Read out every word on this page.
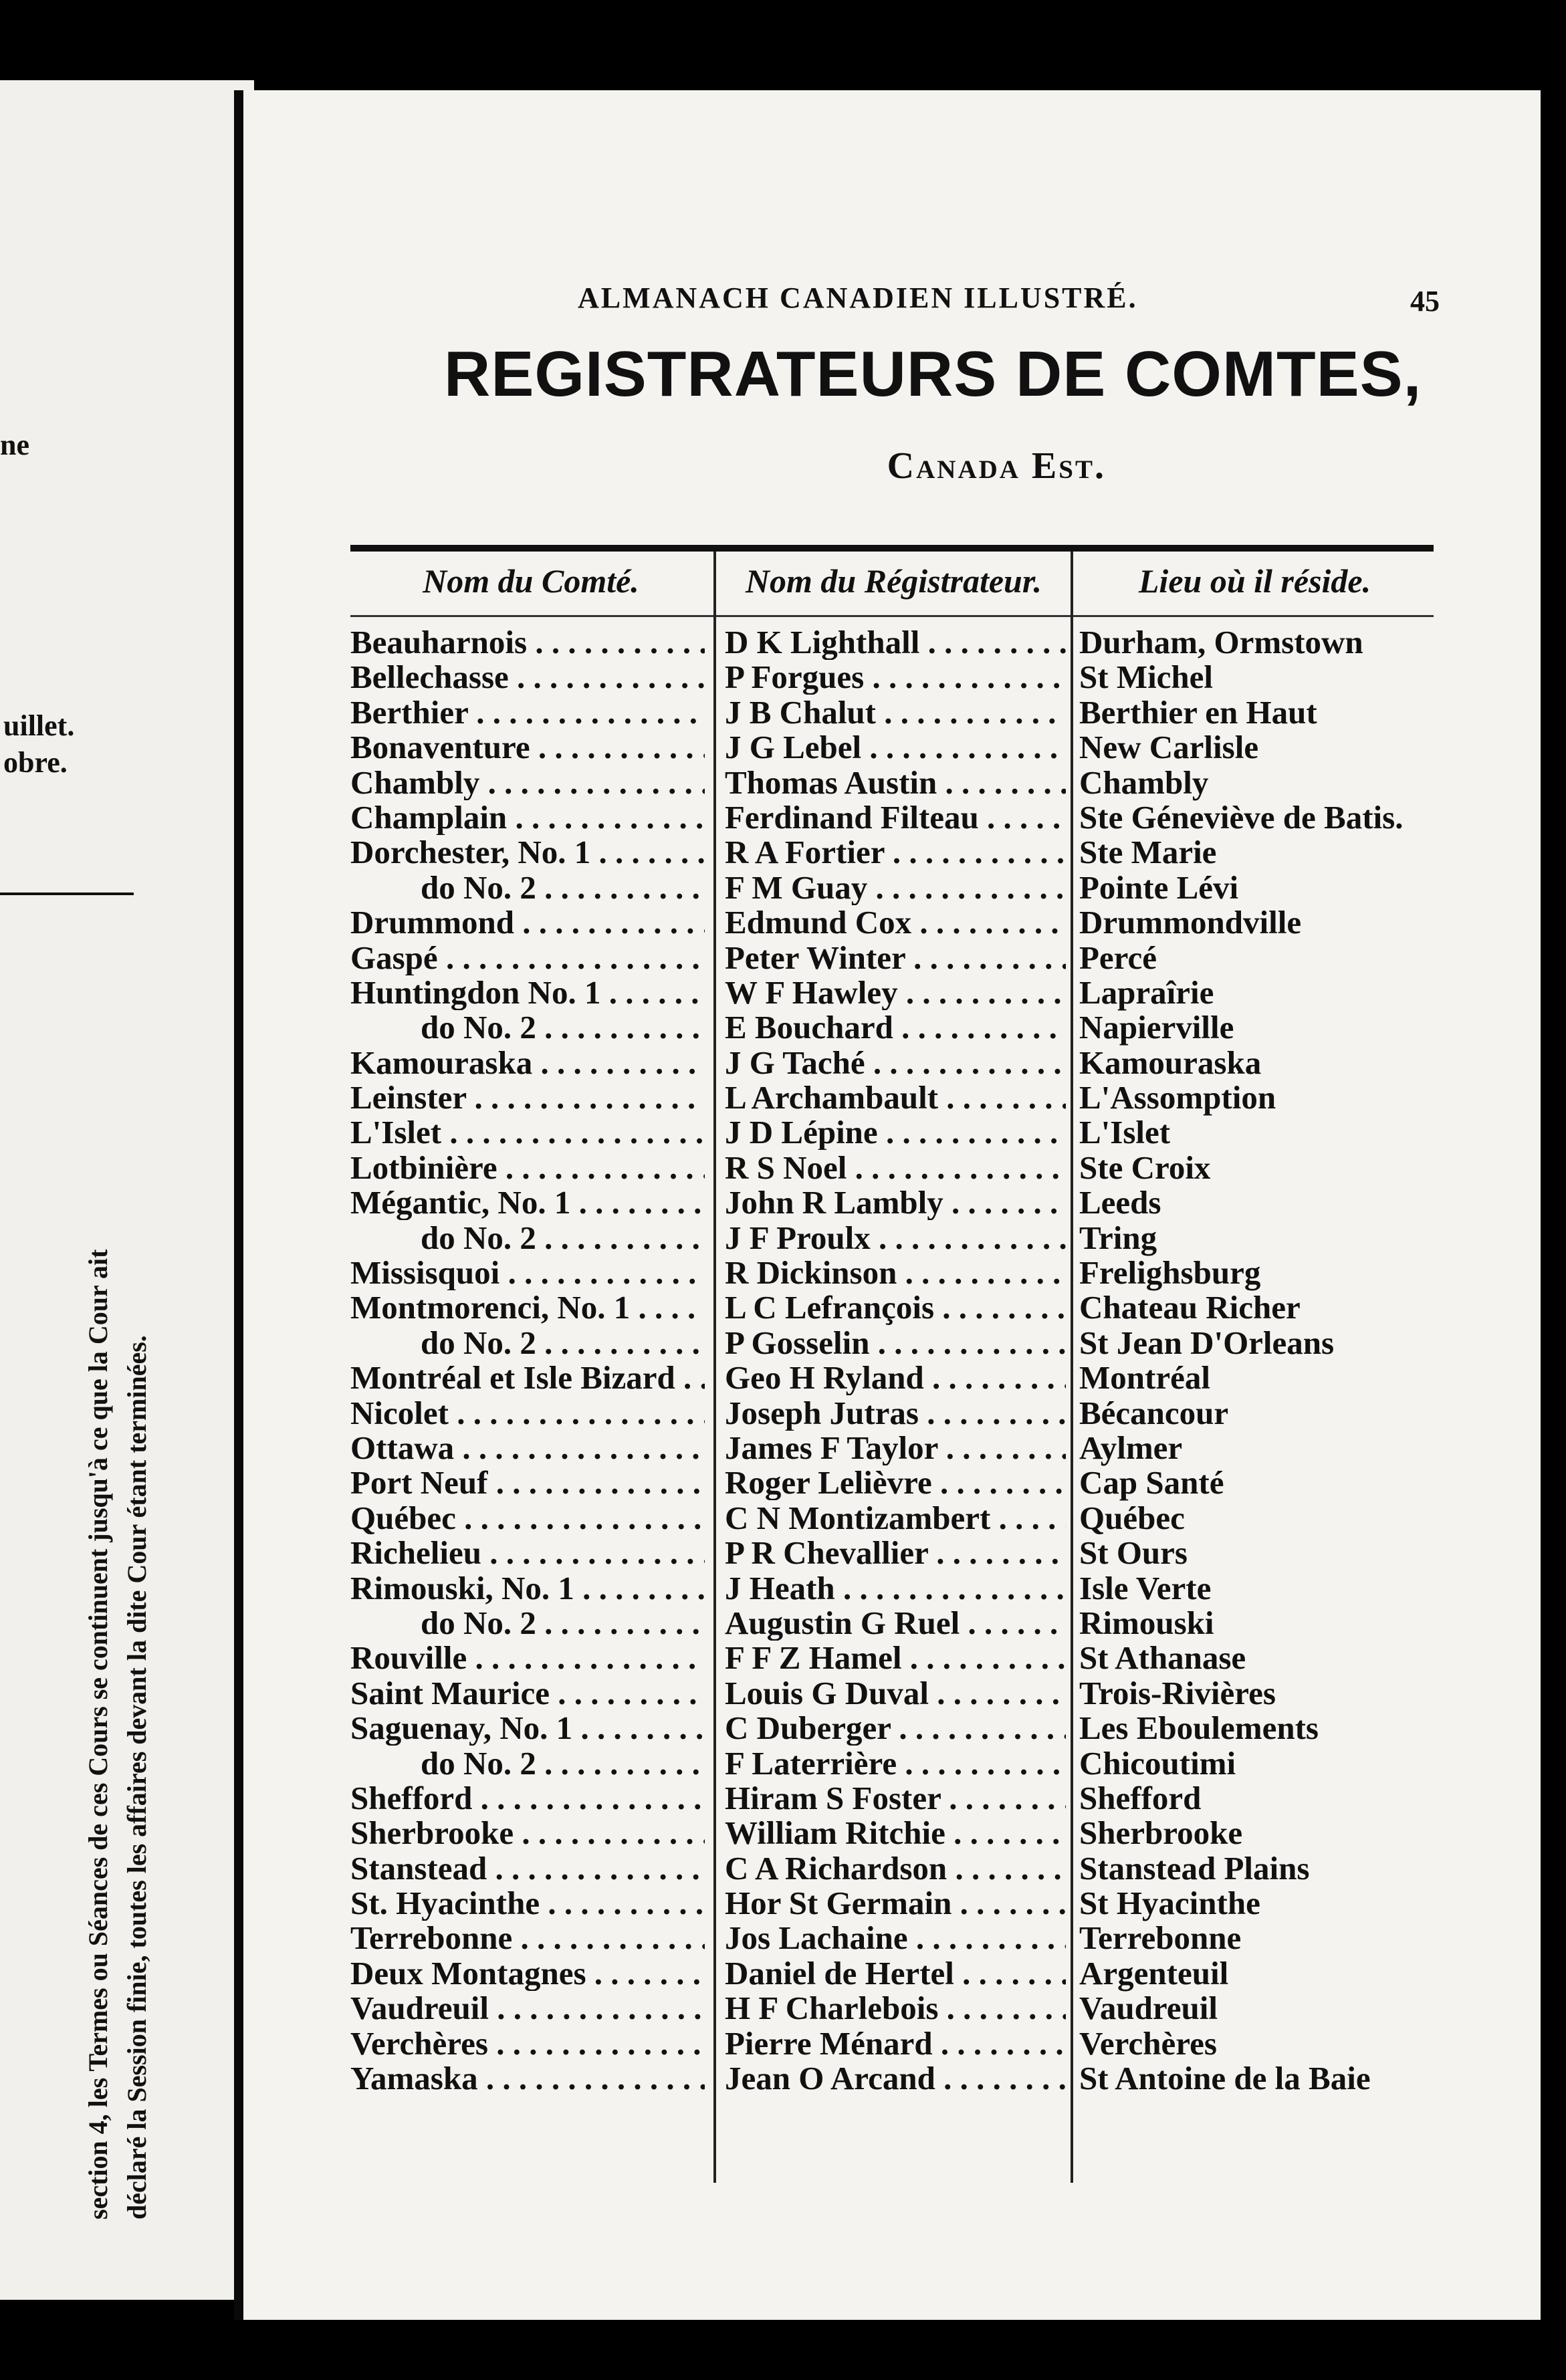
ne
uillet.
obre.
section 4, les Termes ou Séances de ces Cours se continuent jusqu'à ce que la Cour ait déclaré la Session finie, toutes les affaires devant la dite Cour étant terminées.
ALMANACH CANADIEN ILLUSTRÉ.	45
REGISTRATEURS DE COMTES,
Canada Est.
Nom du Comté.	Nom du Régistrateur.	Lieu où il réside.
Beauharnois . . .	D K Lighthall . . .	Durham, Ormstown
Bellechasse . . .	P Forgues . . .	St Michel
Berthier . . .	J B Chalut . . .	Berthier en Haut
Bonaventure . . .	J G Lebel . . .	New Carlisle
Chambly . . .	Thomas Austin . . .	Chambly
Champlain . . .	Ferdinand Filteau . . .	Ste Géneviève de Batis.
Dorchester, No. 1 . . .	R A Fortier . . .	Ste Marie
do No. 2 . . .	F M Guay . . .	Pointe Lévi
Drummond . . .	Edmund Cox . . .	Drummondville
Gaspé . . .	Peter Winter . . .	Percé
Huntingdon No. 1 . . .	W F Hawley . . .	Lapraîrie
do No. 2 . . .	E Bouchard . . .	Napierville
Kamouraska . . .	J G Taché . . .	Kamouraska
Leinster . . .	L Archambault . . .	L'Assomption
L'Islet . . .	J D Lépine . . .	L'Islet
Lotbinière . . .	R S Noel . . .	Ste Croix
Mégantic, No. 1 . . .	John R Lambly . . .	Leeds
do No. 2 . . .	J F Proulx . . .	Tring
Missisquoi . . .	R Dickinson . . .	Frelighsburg
Montmorenci, No. 1 . . .	L C Lefrançois . . .	Chateau Richer
do No. 2 . . .	P Gosselin . . .	St Jean D'Orleans
Montréal et Isle Bizard . . .	Geo H Ryland . . .	Montréal
Nicolet . . .	Joseph Jutras . . .	Bécancour
Ottawa . . .	James F Taylor . . .	Aylmer
Port Neuf . . .	Roger Lelièvre . . .	Cap Santé
Québec . . .	C N Montizambert . . .	Québec
Richelieu . . .	P R Chevallier . . .	St Ours
Rimouski, No. 1 . . .	J Heath . . .	Isle Verte
do No. 2 . . .	Augustin G Ruel . . .	Rimouski
Rouville . . .	F F Z Hamel . . .	St Athanase
Saint Maurice . . .	Louis G Duval . . .	Trois-Rivières
Saguenay, No. 1 . . .	C Duberger . . .	Les Eboulements
do No. 2 . . .	F Laterrière . . .	Chicoutimi
Shefford . . .	Hiram S Foster . . .	Shefford
Sherbrooke . . .	William Ritchie . . .	Sherbrooke
Stanstead . . .	C A Richardson . . .	Stanstead Plains
St. Hyacinthe . . .	Hor St Germain . . .	St Hyacinthe
Terrebonne . . .	Jos Lachaine . . .	Terrebonne
Deux Montagnes . . .	Daniel de Hertel . . .	Argenteuil
Vaudreuil . . .	H F Charlebois . . .	Vaudreuil
Verchères . . .	Pierre Ménard . . .	Verchères
Yamaska . . .	Jean O Arcand . . .	St Antoine de la Baie
